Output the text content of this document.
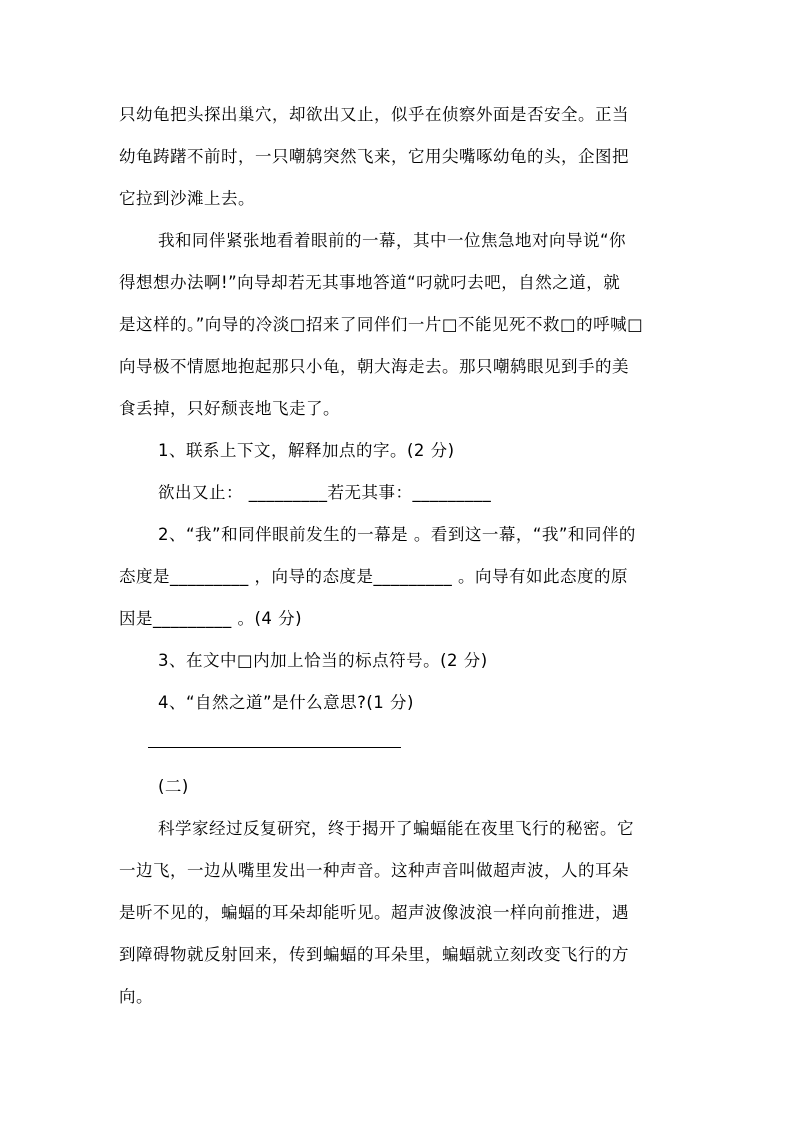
只幼龟把头探出巢穴，却欲出又止，似乎在侦察外面是否安全。正当
幼龟踌躇不前时，一只嘲鸫突然飞来，它用尖嘴啄幼龟的头，企图把
它拉到沙滩上去。
我和同伴紧张地看着眼前的一幕，其中一位焦急地对向导说“你
得想想办法啊!”向导却若无其事地答道“叼就叼去吧，自然之道，就
是这样的。”向导的冷淡□招来了同伴们一片□不能见死不救□的呼喊□
向导极不情愿地抱起那只小龟，朝大海走去。那只嘲鸫眼见到手的美
食丢掉，只好颓丧地飞走了。
1、联系上下文，解释加点的字。(2 分)
欲出又止： _________若无其事：_________
2、“我”和同伴眼前发生的一幕是 。看到这一幕，“我”和同伴的
态度是_________ ，向导的态度是_________ 。向导有如此态度的原
因是_________ 。(4 分)
3、在文中□内加上恰当的标点符号。(2 分)
4、“自然之道”是什么意思?(1 分)
(二)
科学家经过反复研究，终于揭开了蝙蝠能在夜里飞行的秘密。它
一边飞，一边从嘴里发出一种声音。这种声音叫做超声波，人的耳朵
是听不见的，蝙蝠的耳朵却能听见。超声波像波浪一样向前推进，遇
到障碍物就反射回来，传到蝙蝠的耳朵里，蝙蝠就立刻改变飞行的方
向。
